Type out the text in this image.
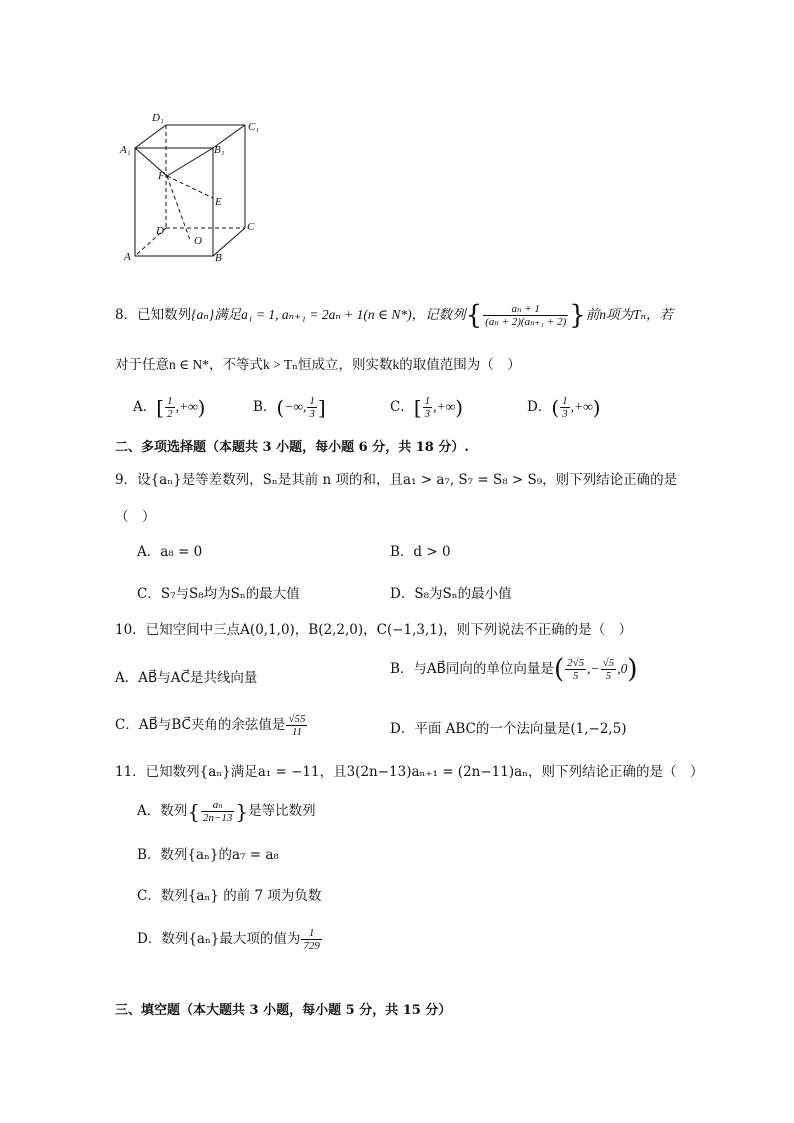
D₁
C₁
A₁	B₁
F
E
D
O
C
A	B
8．已知数列{aₙ}满足a₁ = 1, aₙ₊₁ = 2aₙ + 1(n ∈ N*)，记数列{ $\frac{\text{aₙ + 1}}{\text{(aₙ + 2)(aₙ₊₁ + 2)}}$ }前n项为Tₙ，若
对于任意n ∈ N*，不等式k > Tₙ恒成立，则实数k的取值范围为（　）
A．[ $\frac{1}{2}$ ,+∞)	B．(−∞, $\frac{1}{3}$ ]	C．[ $\frac{1}{3}$ ,+∞)	D．( $\frac{1}{3}$ ,+∞)
二、多项选择题（本题共 3 小题，每小题 6 分，共 18 分）.
9．设{aₙ}是等差数列，Sₙ是其前 n 项的和，且a₁ > a₇, S₇ = S₈ > S₉，则下列结论正确的是
（　）
A．a₈ = 0	B．d > 0
C．S₇与S₈均为Sₙ的最大值	D．S₈为Sₙ的最小值
10．已知空间中三点A(0,1,0)，B(2,2,0)，C(−1,3,1)，则下列说法不正确的是（　）
A．AB⃗与AC⃗是共线向量
B．与AB⃗同向的单位向量是( $\frac{2√5}{5}$ ,− $\frac{√5}{5} ,0$)
C．AB⃗与BC⃗夹角的余弦值是 $\frac{√55}{11}$	D．平面 ABC的一个法向量是(1,−2,5)
11．已知数列{aₙ}满足a₁ = −11，且3(2n−13)aₙ₊₁ = (2n−11)aₙ，则下列结论正确的是（　）
A．数列{ $\frac{\text{aₙ}}{2n-13}$ }是等比数列
B．数列{aₙ}的a₇ = a₈
C．数列{aₙ} 的前 7 项为负数
D．数列{aₙ}最大项的值为 $\frac{1}{729}$
三、填空题（本大题共 3 小题，每小题 5 分，共 15 分）
